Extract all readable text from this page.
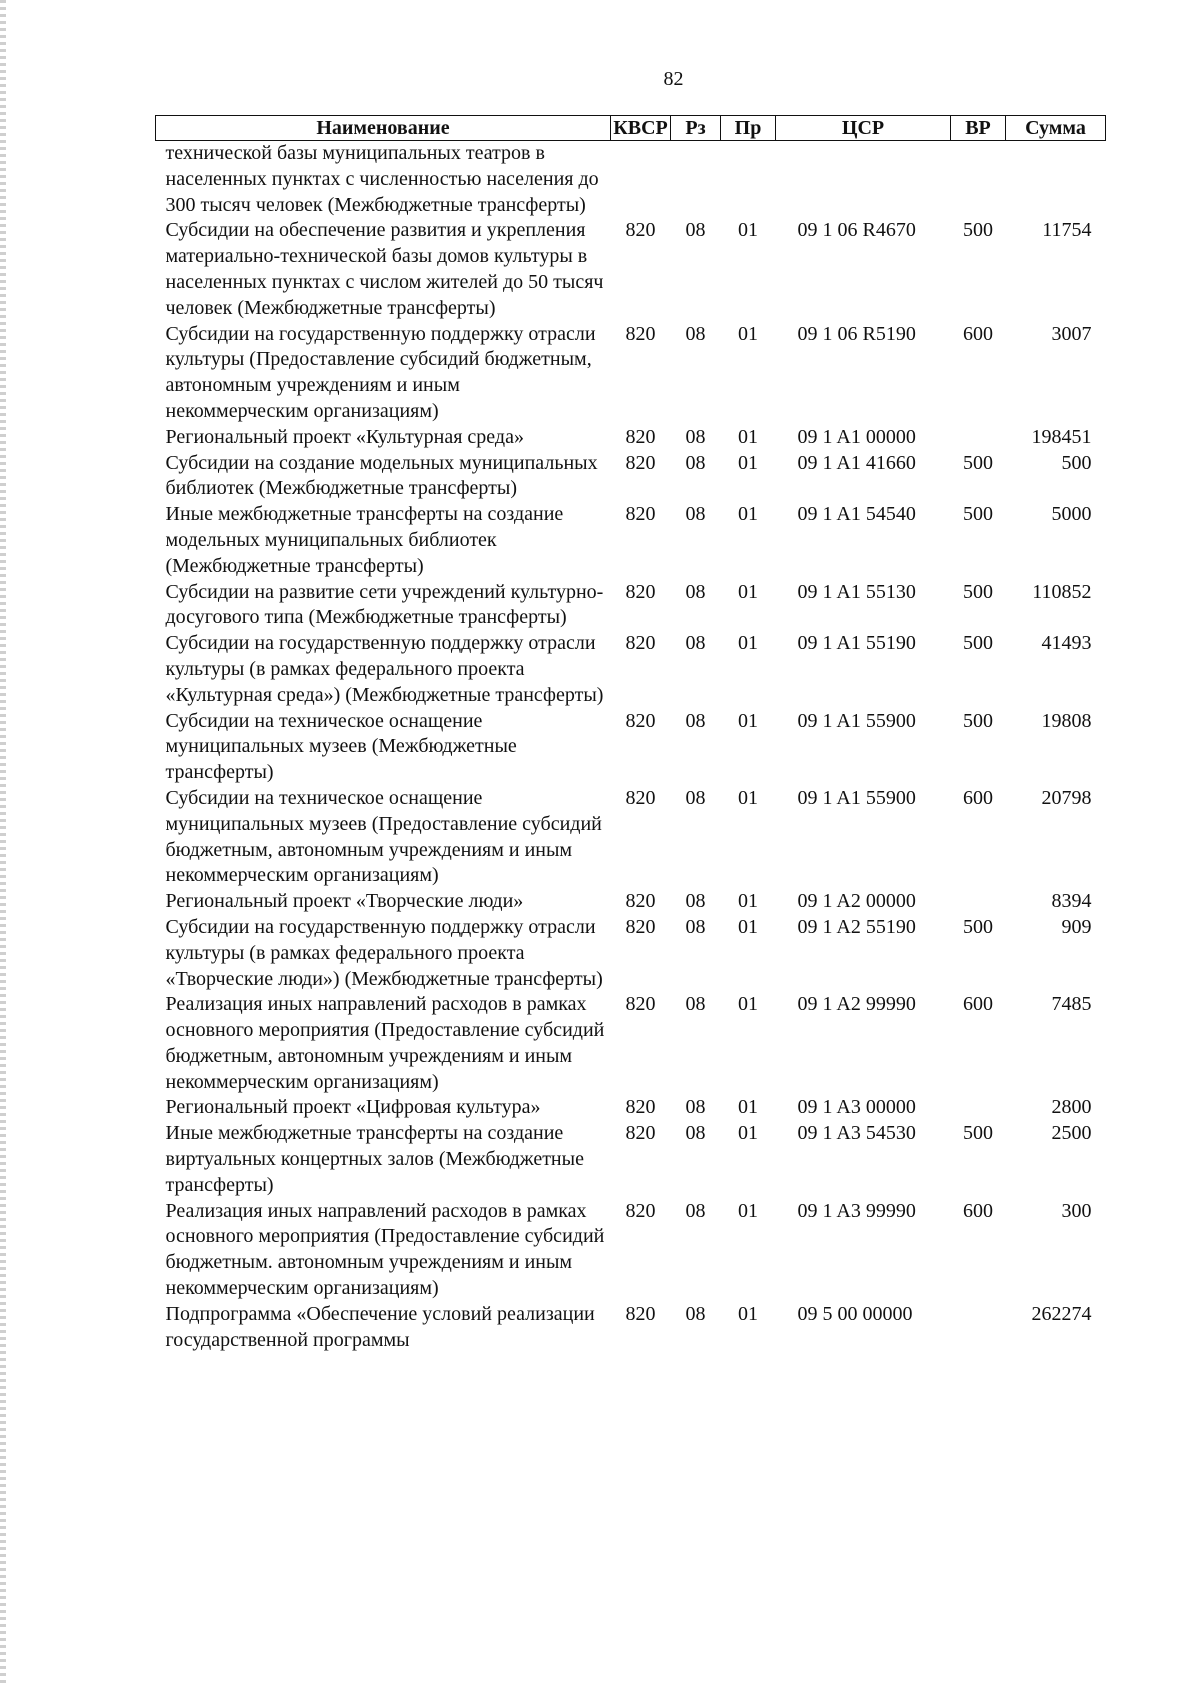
82
Наименование	КВСР	Рз	Пр	ЦСР	ВР	Сумма
технической базы муниципальных театров в населенных пунктах с численностью населения до 300 тысяч человек (Межбюджетные трансферты)						
Субсидии на обеспечение развития и укрепления материально-технической базы домов культуры в населенных пунктах с числом жителей до 50 тысяч человек (Межбюджетные трансферты)	820	08	01	09 1 06 R4670	500	11754
Субсидии на государственную поддержку отрасли культуры (Предоставление субсидий бюджетным, автономным учреждениям и иным некоммерческим организациям)	820	08	01	09 1 06 R5190	600	3007
Региональный проект «Культурная среда»	820	08	01	09 1 A1 00000		198451
Субсидии на создание модельных муниципальных библиотек (Межбюджетные трансферты)	820	08	01	09 1 A1 41660	500	500
Иные межбюджетные трансферты на создание модельных муниципальных библиотек (Межбюджетные трансферты)	820	08	01	09 1 A1 54540	500	5000
Субсидии на развитие сети учреждений культурно-досугового типа (Межбюджетные трансферты)	820	08	01	09 1 A1 55130	500	110852
Субсидии на государственную поддержку отрасли культуры (в рамках федерального проекта «Культурная среда») (Межбюджетные трансферты)	820	08	01	09 1 A1 55190	500	41493
Субсидии на техническое оснащение муниципальных музеев (Межбюджетные трансферты)	820	08	01	09 1 A1 55900	500	19808
Субсидии на техническое оснащение муниципальных музеев (Предоставление субсидий бюджетным, автономным учреждениям и иным некоммерческим организациям)	820	08	01	09 1 A1 55900	600	20798
Региональный проект «Творческие люди»	820	08	01	09 1 A2 00000		8394
Субсидии на государственную поддержку отрасли культуры (в рамках федерального проекта «Творческие люди») (Межбюджетные трансферты)	820	08	01	09 1 A2 55190	500	909
Реализация иных направлений расходов в рамках основного мероприятия (Предоставление субсидий бюджетным, автономным учреждениям и иным некоммерческим организациям)	820	08	01	09 1 A2 99990	600	7485
Региональный проект «Цифровая культура»	820	08	01	09 1 A3 00000		2800
Иные межбюджетные трансферты на создание виртуальных концертных залов (Межбюджетные трансферты)	820	08	01	09 1 A3 54530	500	2500
Реализация иных направлений расходов в рамках основного мероприятия (Предоставление субсидий бюджетным. автономным учреждениям и иным некоммерческим организациям)	820	08	01	09 1 A3 99990	600	300
Подпрограмма «Обеспечение условий реализации государственной программы	820	08	01	09 5 00 00000		262274
